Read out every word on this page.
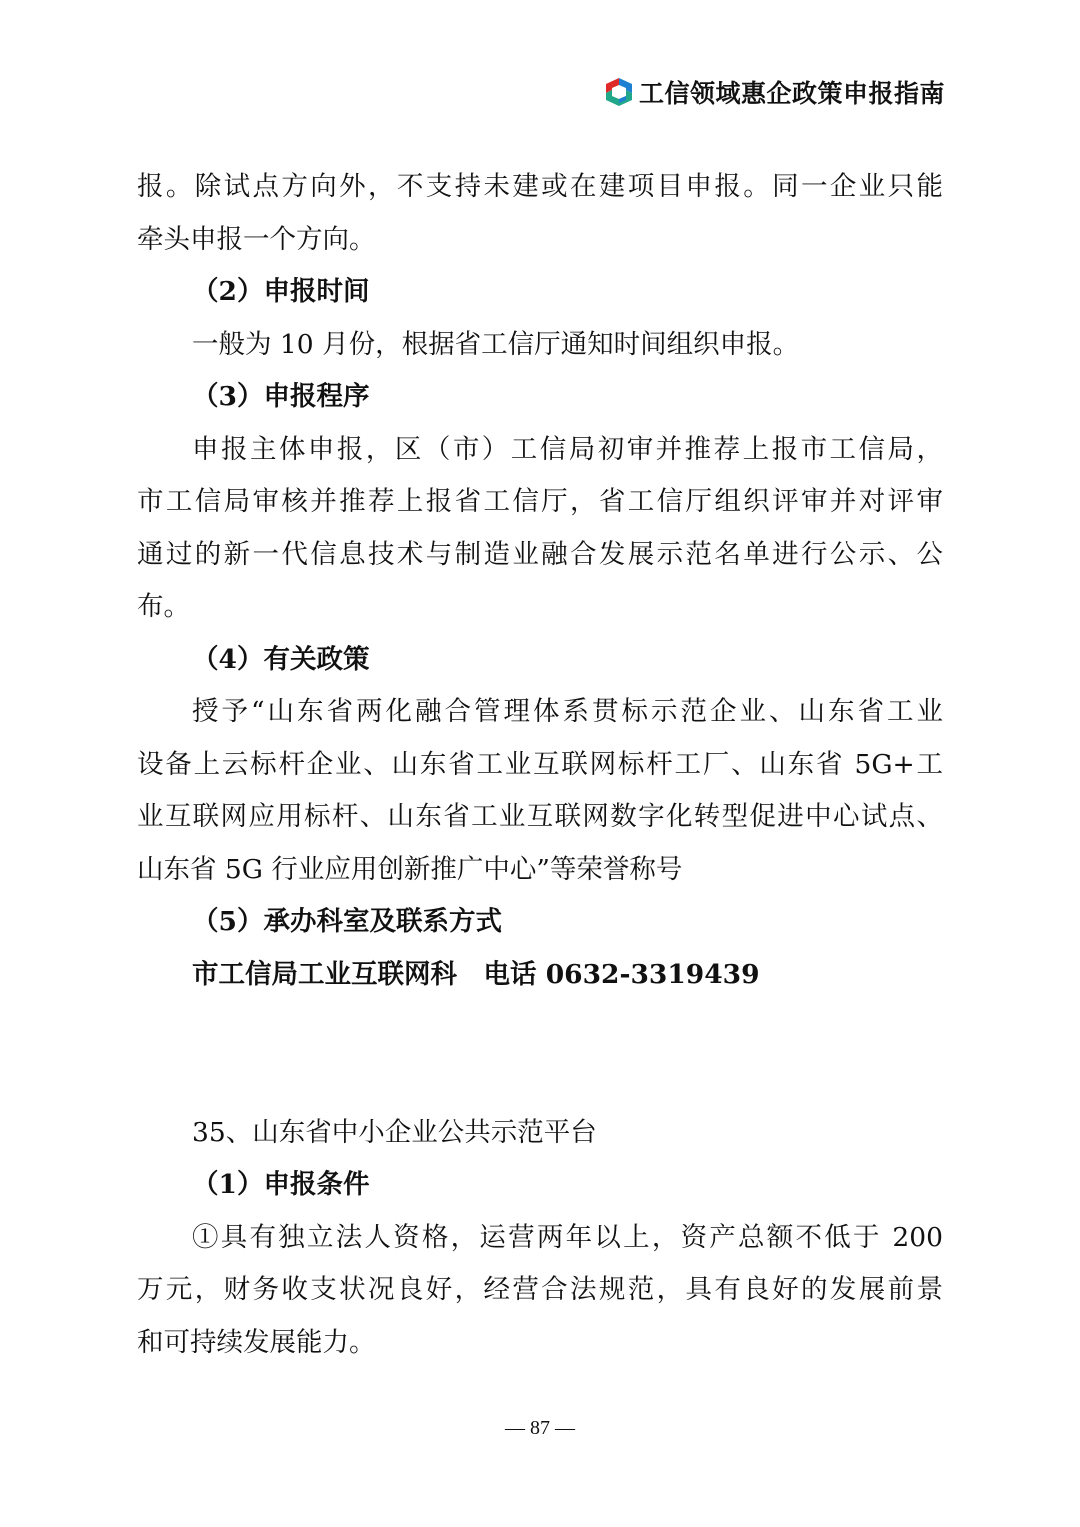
工信领域惠企政策申报指南
报。除试点方向外，不支持未建或在建项目申报。同一企业只能
牵头申报一个方向。
（2）申报时间
一般为 10 月份，根据省工信厅通知时间组织申报。
（3）申报程序
申报主体申报，区（市）工信局初审并推荐上报市工信局，
市工信局审核并推荐上报省工信厅，省工信厅组织评审并对评审
通过的新一代信息技术与制造业融合发展示范名单进行公示、公
布。
（4）有关政策
授予“山东省两化融合管理体系贯标示范企业、山东省工业
设备上云标杆企业、山东省工业互联网标杆工厂、山东省 5G+工
业互联网应用标杆、山东省工业互联网数字化转型促进中心试点、
山东省 5G 行业应用创新推广中心”等荣誉称号
（5）承办科室及联系方式
市工信局工业互联网科　电话 0632-3319439
35、山东省中小企业公共示范平台
（1）申报条件
①具有独立法人资格，运营两年以上，资产总额不低于 200
万元，财务收支状况良好，经营合法规范，具有良好的发展前景
和可持续发展能力。
— 87 —
